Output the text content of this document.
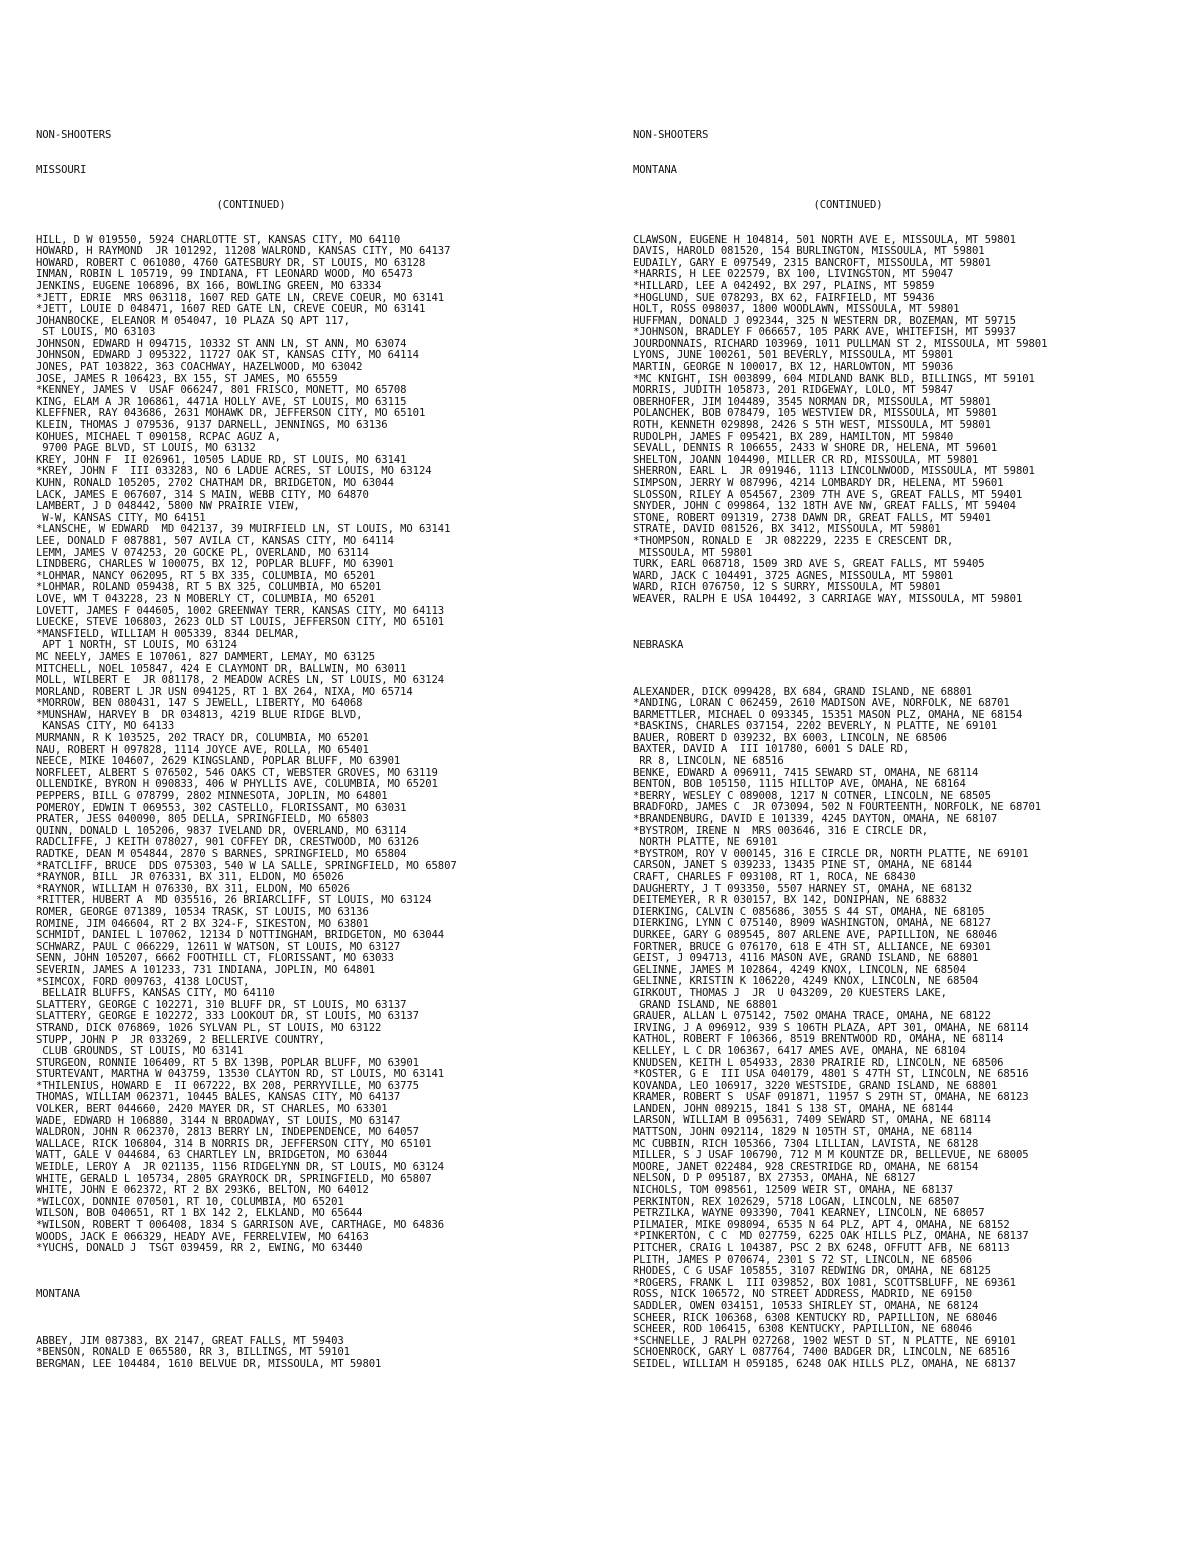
NON-SHOOTERS

MISSOURI

(CONTINUED)

HILL, D W 019550, 5924 CHARLOTTE ST, KANSAS CITY, MO 64110
HOWARD, H RAYMOND  JR 101292, 11208 WALROND, KANSAS CITY, MO 64137
HOWARD, ROBERT C 061080, 4760 GATESBURY DR, ST LOUIS, MO 63128
INMAN, ROBIN L 105719, 99 INDIANA, FT LEONARD WOOD, MO 65473
JENKINS, EUGENE 106896, BX 166, BOWLING GREEN, MO 63334
*JETT, EDRIE  MRS 063118, 1607 RED GATE LN, CREVE COEUR, MO 63141
*JETT, LOUIE D 048471, 1607 RED GATE LN, CREVE COEUR, MO 63141
JOHANBOCKE, ELEANOR M 054047, 10 PLAZA SQ APT 117,
ST LOUIS, MO 63103
JOHNSON, EDWARD H 094715, 10332 ST ANN LN, ST ANN, MO 63074
JOHNSON, EDWARD J 095322, 11727 OAK ST, KANSAS CITY, MO 64114
JONES, PAT 103822, 363 COACHWAY, HAZELWOOD, MO 63042
JOSE, JAMES R 106423, BX 155, ST JAMES, MO 65559
*KENNEY, JAMES V  USAF 066247, 801 FRISCO, MONETT, MO 65708
KING, ELAM A JR 106861, 4471A HOLLY AVE, ST LOUIS, MO 63115
KLEFFNER, RAY 043686, 2631 MOHAWK DR, JEFFERSON CITY, MO 65101
KLEIN, THOMAS J 079536, 9137 DARNELL, JENNINGS, MO 63136
KOHUES, MICHAEL T 090158, RCPAC AGUZ A,
9700 PAGE BLVD, ST LOUIS, MO 63132
KREY, JOHN F  II 026961, 10505 LADUE RD, ST LOUIS, MO 63141
*KREY, JOHN F  III 033283, NO 6 LADUE ACRES, ST LOUIS, MO 63124
KUHN, RONALD 105205, 2702 CHATHAM DR, BRIDGETON, MO 63044
LACK, JAMES E 067607, 314 S MAIN, WEBB CITY, MO 64870
LAMBERT, J D 048442, 5800 NW PRAIRIE VIEW,
W-W, KANSAS CITY, MO 64151
*LANSCHE, W EDWARD  MD 042137, 39 MUIRFIELD LN, ST LOUIS, MO 63141
LEE, DONALD F 087881, 507 AVILA CT, KANSAS CITY, MO 64114
LEMM, JAMES V 074253, 20 GOCKE PL, OVERLAND, MO 63114
LINDBERG, CHARLES W 100075, BX 12, POPLAR BLUFF, MO 63901
*LOHMAR, NANCY 062095, RT 5 BX 335, COLUMBIA, MO 65201
*LOHMAR, ROLAND 059438, RT 5 BX 325, COLUMBIA, MO 65201
LOVE, WM T 043228, 23 N MOBERLY CT, COLUMBIA, MO 65201
LOVETT, JAMES F 044605, 1002 GREENWAY TERR, KANSAS CITY, MO 64113
LUECKE, STEVE 106803, 2623 OLD ST LOUIS, JEFFERSON CITY, MO 65101
*MANSFIELD, WILLIAM H 005339, 8344 DELMAR,
APT 1 NORTH, ST LOUIS, MO 63124
MC NEELY, JAMES E 107061, 827 DAMMERT, LEMAY, MO 63125
MITCHELL, NOEL 105847, 424 E CLAYMONT DR, BALLWIN, MO 63011
MOLL, WILBERT E  JR 081178, 2 MEADOW ACRES LN, ST LOUIS, MO 63124
MORLAND, ROBERT L JR USN 094125, RT 1 BX 264, NIXA, MO 65714
*MORROW, BEN 080431, 147 S JEWELL, LIBERTY, MO 64068
*MUNSHAW, HARVEY B  DR 034813, 4219 BLUE RIDGE BLVD,
KANSAS CITY, MO 64133
MURMANN, R K 103525, 202 TRACY DR, COLUMBIA, MO 65201
NAU, ROBERT H 097828, 1114 JOYCE AVE, ROLLA, MO 65401
NEECE, MIKE 104607, 2629 KINGSLAND, POPLAR BLUFF, MO 63901
NORFLEET, ALBERT S 076502, 546 OAKS CT, WEBSTER GROVES, MO 63119
OLLENDIKE, BYRON H 090833, 406 W PHYLLIS AVE, COLUMBIA, MO 65201
PEPPERS, BILL G 078799, 2802 MINNESOTA, JOPLIN, MO 64801
POMEROY, EDWIN T 069553, 302 CASTELLO, FLORISSANT, MO 63031
PRATER, JESS 040090, 805 DELLA, SPRINGFIELD, MO 65803
QUINN, DONALD L 105206, 9837 IVELAND DR, OVERLAND, MO 63114
RADCLIFFE, J KEITH 078027, 901 COFFEY DR, CRESTWOOD, MO 63126
RADTKE, DEAN M 054844, 2870 S BARNES, SPRINGFIELD, MO 65804
*RATCLIFF, BRUCE  DDS 075303, 540 W LA SALLE, SPRINGFIELD, MO 65807
*RAYNOR, BILL  JR 076331, BX 311, ELDON, MO 65026
*RAYNOR, WILLIAM H 076330, BX 311, ELDON, MO 65026
*RITTER, HUBERT A  MD 035516, 26 BRIARCLIFF, ST LOUIS, MO 63124
ROMER, GEORGE 071389, 10534 TRASK, ST LOUIS, MO 63136
ROMINE, JIM 046604, RT 2 BX 324-F, SIKESTON, MO 63801
SCHMIDT, DANIEL L 107062, 12134 D NOTTINGHAM, BRIDGETON, MO 63044
SCHWARZ, PAUL C 066229, 12611 W WATSON, ST LOUIS, MO 63127
SENN, JOHN 105207, 6662 FOOTHILL CT, FLORISSANT, MO 63033
SEVERIN, JAMES A 101233, 731 INDIANA, JOPLIN, MO 64801
*SIMCOX, FORD 009763, 4138 LOCUST,
BELLAIR BLUFFS, KANSAS CITY, MO 64110
SLATTERY, GEORGE C 102271, 310 BLUFF DR, ST LOUIS, MO 63137
SLATTERY, GEORGE E 102272, 333 LOOKOUT DR, ST LOUIS, MO 63137
STRAND, DICK 076869, 1026 SYLVAN PL, ST LOUIS, MO 63122
STUPP, JOHN P  JR 033269, 2 BELLERIVE COUNTRY,
CLUB GROUNDS, ST LOUIS, MO 63141
STURGEON, RONNIE 106409, RT 5 BX 139B, POPLAR BLUFF, MO 63901
STURTEVANT, MARTHA W 043759, 13530 CLAYTON RD, ST LOUIS, MO 63141
*THILENIUS, HOWARD E  II 067222, BX 208, PERRYVILLE, MO 63775
THOMAS, WILLIAM 062371, 10445 BALES, KANSAS CITY, MO 64137
VOLKER, BERT 044660, 2420 MAYER DR, ST CHARLES, MO 63301
WADE, EDWARD H 106880, 3144 N BROADWAY, ST LOUIS, MO 63147
WALDRON, JOHN R 062370, 2813 BERRY LN, INDEPENDENCE, MO 64057
WALLACE, RICK 106804, 314 B NORRIS DR, JEFFERSON CITY, MO 65101
WATT, GALE V 044684, 63 CHARTLEY LN, BRIDGETON, MO 63044
WEIDLE, LEROY A  JR 021135, 1156 RIDGELYNN DR, ST LOUIS, MO 63124
WHITE, GERALD L 105734, 2805 GRAYROCK DR, SPRINGFIELD, MO 65807
WHITE, JOHN E 062372, RT 2 BX 293K6, BELTON, MO 64012
*WILCOX, DONNIE 070501, RT 10, COLUMBIA, MO 65201
WILSON, BOB 040651, RT 1 BX 142 2, ELKLAND, MO 65644
*WILSON, ROBERT T 006408, 1834 S GARRISON AVE, CARTHAGE, MO 64836
WOODS, JACK E 066329, HEADY AVE, FERRELVIEW, MO 64163
*YUCHS, DONALD J  TSGT 039459, RR 2, EWING, MO 63440

MONTANA

ABBEY, JIM 087383, BX 2147, GREAT FALLS, MT 59403
*BENSON, RONALD E 065580, RR 3, BILLINGS, MT 59101
BERGMAN, LEE 104484, 1610 BELVUE DR, MISSOULA, MT 59801

NON-SHOOTERS

MONTANA

(CONTINUED)

CLAWSON, EUGENE H 104814, 501 NORTH AVE E, MISSOULA, MT 59801
DAVIS, HAROLD 081520, 154 BURLINGTON, MISSOULA, MT 59801
EUDAILY, GARY E 097549, 2315 BANCROFT, MISSOULA, MT 59801
*HARRIS, H LEE 022579, BX 100, LIVINGSTON, MT 59047
*HILLARD, LEE A 042492, BX 297, PLAINS, MT 59859
*HOGLUND, SUE 078293, BX 62, FAIRFIELD, MT 59436
HOLT, ROSS 098037, 1800 WOODLAWN, MISSOULA, MT 59801
HUFFMAN, DONALD J 092344, 325 N WESTERN DR, BOZEMAN, MT 59715
*JOHNSON, BRADLEY F 066657, 105 PARK AVE, WHITEFISH, MT 59937
JOURDONNAIS, RICHARD 103969, 1011 PULLMAN ST 2, MISSOULA, MT 59801
LYONS, JUNE 100261, 501 BEVERLY, MISSOULA, MT 59801
MARTIN, GEORGE N 100017, BX 12, HARLOWTON, MT 59036
*MC KNIGHT, ISH 003899, 604 MIDLAND BANK BLD, BILLINGS, MT 59101
MORRIS, JUDITH 105873, 201 RIDGEWAY, LOLO, MT 59847
OBERHOFER, JIM 104489, 3545 NORMAN DR, MISSOULA, MT 59801
POLANCHEK, BOB 078479, 105 WESTVIEW DR, MISSOULA, MT 59801
ROTH, KENNETH 029898, 2426 S 5TH WEST, MISSOULA, MT 59801
RUDOLPH, JAMES F 095421, BX 289, HAMILTON, MT 59840
SEVALL, DENNIS R 106655, 2433 W SHORE DR, HELENA, MT 59601
SHELTON, JOANN 104490, MILLER CR RD, MISSOULA, MT 59801
SHERRON, EARL L  JR 091946, 1113 LINCOLNWOOD, MISSOULA, MT 59801
SIMPSON, JERRY W 087996, 4214 LOMBARDY DR, HELENA, MT 59601
SLOSSON, RILEY A 054567, 2309 7TH AVE S, GREAT FALLS, MT 59401
SNYDER, JOHN C 099864, 132 18TH AVE NW, GREAT FALLS, MT 59404
STONE, ROBERT 091319, 2738 DAWN DR, GREAT FALLS, MT 59401
STRATE, DAVID 081526, BX 3412, MISSOULA, MT 59801
*THOMPSON, RONALD E  JR 082229, 2235 E CRESCENT DR,
MISSOULA, MT 59801
TURK, EARL 068718, 1509 3RD AVE S, GREAT FALLS, MT 59405
WARD, JACK C 104491, 3725 AGNES, MISSOULA, MT 59801
WARD, RICH 076750, 12 S SURRY, MISSOULA, MT 59801
WEAVER, RALPH E USA 104492, 3 CARRIAGE WAY, MISSOULA, MT 59801

NEBRASKA

ALEXANDER, DICK 099428, BX 684, GRAND ISLAND, NE 68801
*ANDING, LORAN C 062459, 2610 MADISON AVE, NORFOLK, NE 68701
BARMETTLER, MICHAEL O 093345, 15351 MASON PLZ, OMAHA, NE 68154
*BASKINS, CHARLES 037154, 2202 BEVERLY, N PLATTE, NE 69101
BAUER, ROBERT D 039232, BX 6003, LINCOLN, NE 68506
BAXTER, DAVID A  III 101780, 6001 S DALE RD,
RR 8, LINCOLN, NE 68516
BENKE, EDWARD A 096911, 7415 SEWARD ST, OMAHA, NE 68114
BENTON, BOB 105150, 1115 HILLTOP AVE, OMAHA, NE 68164
*BERRY, WESLEY C 089008, 1217 N COTNER, LINCOLN, NE 68505
BRADFORD, JAMES C  JR 073094, 502 N FOURTEENTH, NORFOLK, NE 68701
*BRANDENBURG, DAVID E 101339, 4245 DAYTON, OMAHA, NE 68107
*BYSTROM, IRENE N  MRS 003646, 316 E CIRCLE DR,
NORTH PLATTE, NE 69101
*BYSTROM, ROY V 000145, 316 E CIRCLE DR, NORTH PLATTE, NE 69101
CARSON, JANET S 039233, 13435 PINE ST, OMAHA, NE 68144
CRAFT, CHARLES F 093108, RT 1, ROCA, NE 68430
DAUGHERTY, J T 093350, 5507 HARNEY ST, OMAHA, NE 68132
DEITEMEYER, R R 030157, BX 142, DONIPHAN, NE 68832
DIERKING, CALVIN C 085686, 3055 S 44 ST, OMAHA, NE 68105
DIERKING, LYNN C 075140, 8909 WASHINGTON, OMAHA, NE 68127
DURKEE, GARY G 089545, 807 ARLENE AVE, PAPILLION, NE 68046
FORTNER, BRUCE G 076170, 618 E 4TH ST, ALLIANCE, NE 69301
GEIST, J 094713, 4116 MASON AVE, GRAND ISLAND, NE 68801
GELINNE, JAMES M 102864, 4249 KNOX, LINCOLN, NE 68504
GELINNE, KRISTIN K 106220, 4249 KNOX, LINCOLN, NE 68504
GIRKOUT, THOMAS J  JR  U 043209, 20 KUESTERS LAKE,
GRAND ISLAND, NE 68801
GRAUER, ALLAN L 075142, 7502 OMAHA TRACE, OMAHA, NE 68122
IRVING, J A 096912, 939 S 106TH PLAZA, APT 301, OMAHA, NE 68114
KATHOL, ROBERT F 106366, 8519 BRENTWOOD RD, OMAHA, NE 68114
KELLEY, L C DR 106367, 6417 AMES AVE, OMAHA, NE 68104
KNUDSEN, KEITH L 054933, 2830 PRAIRIE RD, LINCOLN, NE 68506
*KOSTER, G E  III USA 040179, 4801 S 47TH ST, LINCOLN, NE 68516
KOVANDA, LEO 106917, 3220 WESTSIDE, GRAND ISLAND, NE 68801
KRAMER, ROBERT S  USAF 091871, 11957 S 29TH ST, OMAHA, NE 68123
LANDEN, JOHN 089215, 1841 S 138 ST, OMAHA, NE 68144
LARSON, WILLIAM B 095631, 7409 SEWARD ST, OMAHA, NE 68114
MATTSON, JOHN 092114, 1829 N 105TH ST, OMAHA, NE 68114
MC CUBBIN, RICH 105366, 7304 LILLIAN, LAVISTA, NE 68128
MILLER, S J USAF 106790, 712 M M KOUNTZE DR, BELLEVUE, NE 68005
MOORE, JANET 022484, 928 CRESTRIDGE RD, OMAHA, NE 68154
NELSON, D P 095187, BX 27353, OMAHA, NE 68127
NICHOLS, TOM 098561, 12509 WEIR ST, OMAHA, NE 68137
PERKINTON, REX 102629, 5718 LOGAN, LINCOLN, NE 68507
PETRZILKA, WAYNE 093390, 7041 KEARNEY, LINCOLN, NE 68057
PILMAIER, MIKE 098094, 6535 N 64 PLZ, APT 4, OMAHA, NE 68152
*PINKERTON, C C  MD 027759, 6225 OAK HILLS PLZ, OMAHA, NE 68137
PITCHER, CRAIG L 104387, PSC 2 BX 6248, OFFUTT AFB, NE 68113
PLITH, JAMES P 070674, 2301 S 72 ST, LINCOLN, NE 68506
RHODES, C G USAF 105855, 3107 REDWING DR, OMAHA, NE 68125
*ROGERS, FRANK L  III 039852, BOX 1081, SCOTTSBLUFF, NE 69361
ROSS, NICK 106572, NO STREET ADDRESS, MADRID, NE 69150
SADDLER, OWEN 034151, 10533 SHIRLEY ST, OMAHA, NE 68124
SCHEER, RICK 106368, 6308 KENTUCKY RD, PAPILLION, NE 68046
SCHEER, ROD 106415, 6308 KENTUCKY, PAPILLION, NE 68046
*SCHNELLE, J RALPH 027268, 1902 WEST D ST, N PLATTE, NE 69101
SCHOENROCK, GARY L 087764, 7400 BADGER DR, LINCOLN, NE 68516
SEIDEL, WILLIAM H 059185, 6248 OAK HILLS PLZ, OMAHA, NE 68137
